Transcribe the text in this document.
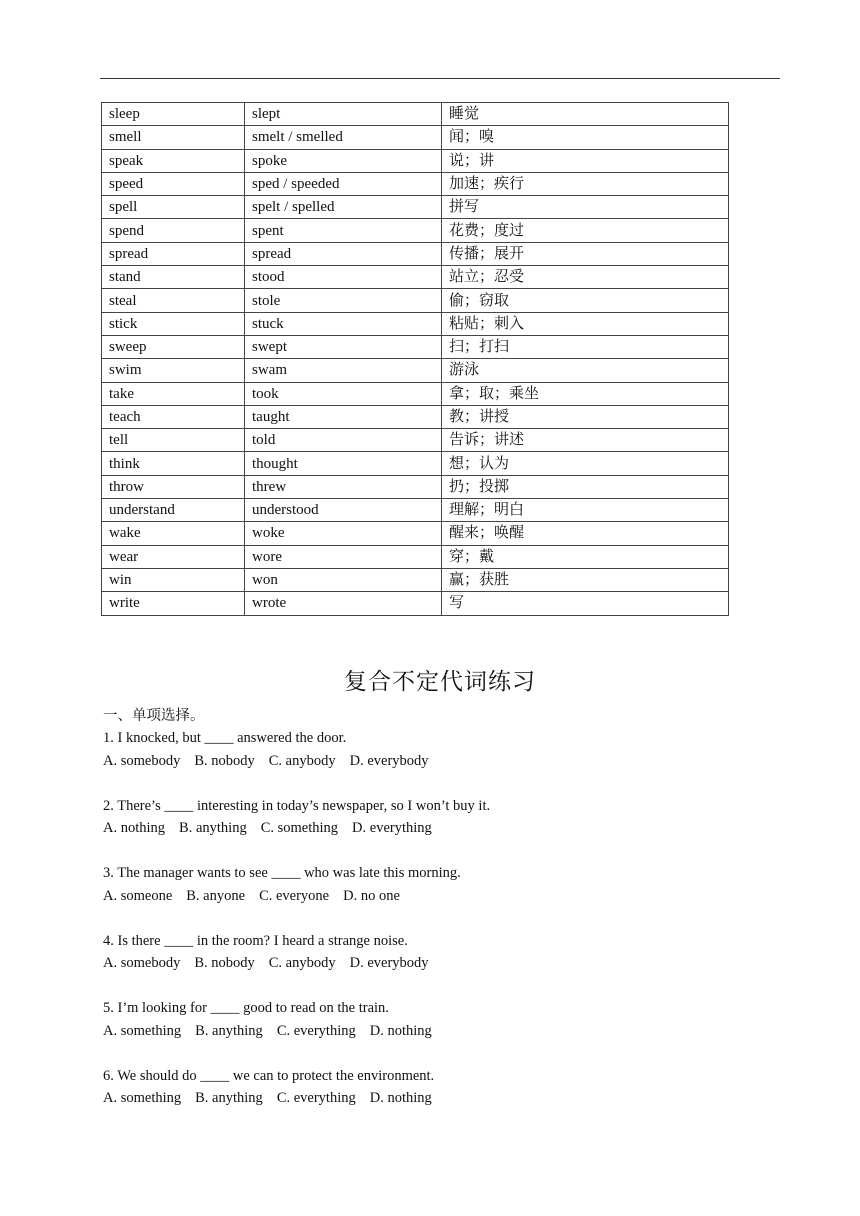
sleep	slept	睡觉
smell	smelt / smelled	闻；嗅
speak	spoke	说；讲
speed	sped / speeded	加速；疾行
spell	spelt / spelled	拼写
spend	spent	花费；度过
spread	spread	传播；展开
stand	stood	站立；忍受
steal	stole	偷；窃取
stick	stuck	粘贴；刺入
sweep	swept	扫；打扫
swim	swam	游泳
take	took	拿；取；乘坐
teach	taught	教；讲授
tell	told	告诉；讲述
think	thought	想；认为
throw	threw	扔；投掷
understand	understood	理解；明白
wake	woke	醒来；唤醒
wear	wore	穿；戴
win	won	赢；获胜
write	wrote	写
复合不定代词练习
一、单项选择。
1. I knocked, but ____ answered the door.
A. somebody B. nobody C. anybody D. everybody
2. There’s ____ interesting in today’s newspaper, so I won’t buy it.
A. nothing B. anything C. something D. everything
3. The manager wants to see ____ who was late this morning.
A. someone B. anyone C. everyone D. no one
4. Is there ____ in the room? I heard a strange noise.
A. somebody B. nobody C. anybody D. everybody
5. I’m looking for ____ good to read on the train.
A. something B. anything C. everything D. nothing
6. We should do ____ we can to protect the environment.
A. something B. anything C. everything D. nothing
